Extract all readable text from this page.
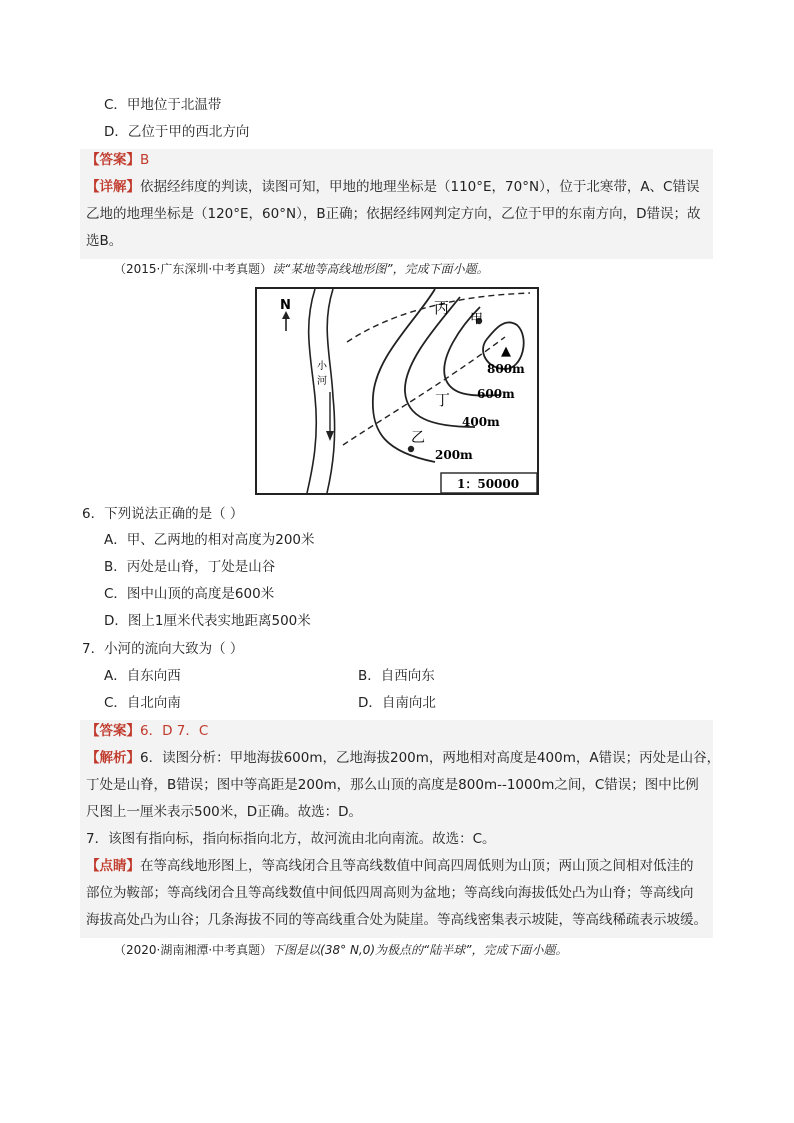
C．甲地位于北温带
D．乙位于甲的西北方向
【答案】B
【详解】依据经纬度的判读，读图可知，甲地的地理坐标是（110°E，70°N），位于北寒带，A、C错误
乙地的地理坐标是（120°E，60°N），B正确；依据经纬网判定方向，乙位于甲的东南方向，D错误；故
选B。
（2015·广东深圳·中考真题）读“某地等高线地形图”，完成下面小题。
N
小
河
▲
丙
甲
丁
乙
800m
600m
400m
200m
1：50000
6．下列说法正确的是（ ）
A．甲、乙两地的相对高度为200米
B．丙处是山脊，丁处是山谷
C．图中山顶的高度是600米
D．图上1厘米代表实地距离500米
7．小河的流向大致为（ ）
A．自东向西	B．自西向东
C．自北向南	D．自南向北
【答案】6．D 7．C
【解析】6．读图分析：甲地海拔600m，乙地海拔200m，两地相对高度是400m，A错误；丙处是山谷，
丁处是山脊，B错误；图中等高距是200m，那么山顶的高度是800m--1000m之间，C错误；图中比例
尺图上一厘米表示500米，D正确。故选：D。
7．该图有指向标，指向标指向北方，故河流由北向南流。故选：C。
【点睛】在等高线地形图上，等高线闭合且等高线数值中间高四周低则为山顶；两山顶之间相对低洼的
部位为鞍部；等高线闭合且等高线数值中间低四周高则为盆地；等高线向海拔低处凸为山脊；等高线向
海拔高处凸为山谷；几条海拔不同的等高线重合处为陡崖。等高线密集表示坡陡，等高线稀疏表示坡缓。
（2020·湖南湘潭·中考真题）下图是以(38° N,0)为极点的“陆半球”，完成下面小题。
